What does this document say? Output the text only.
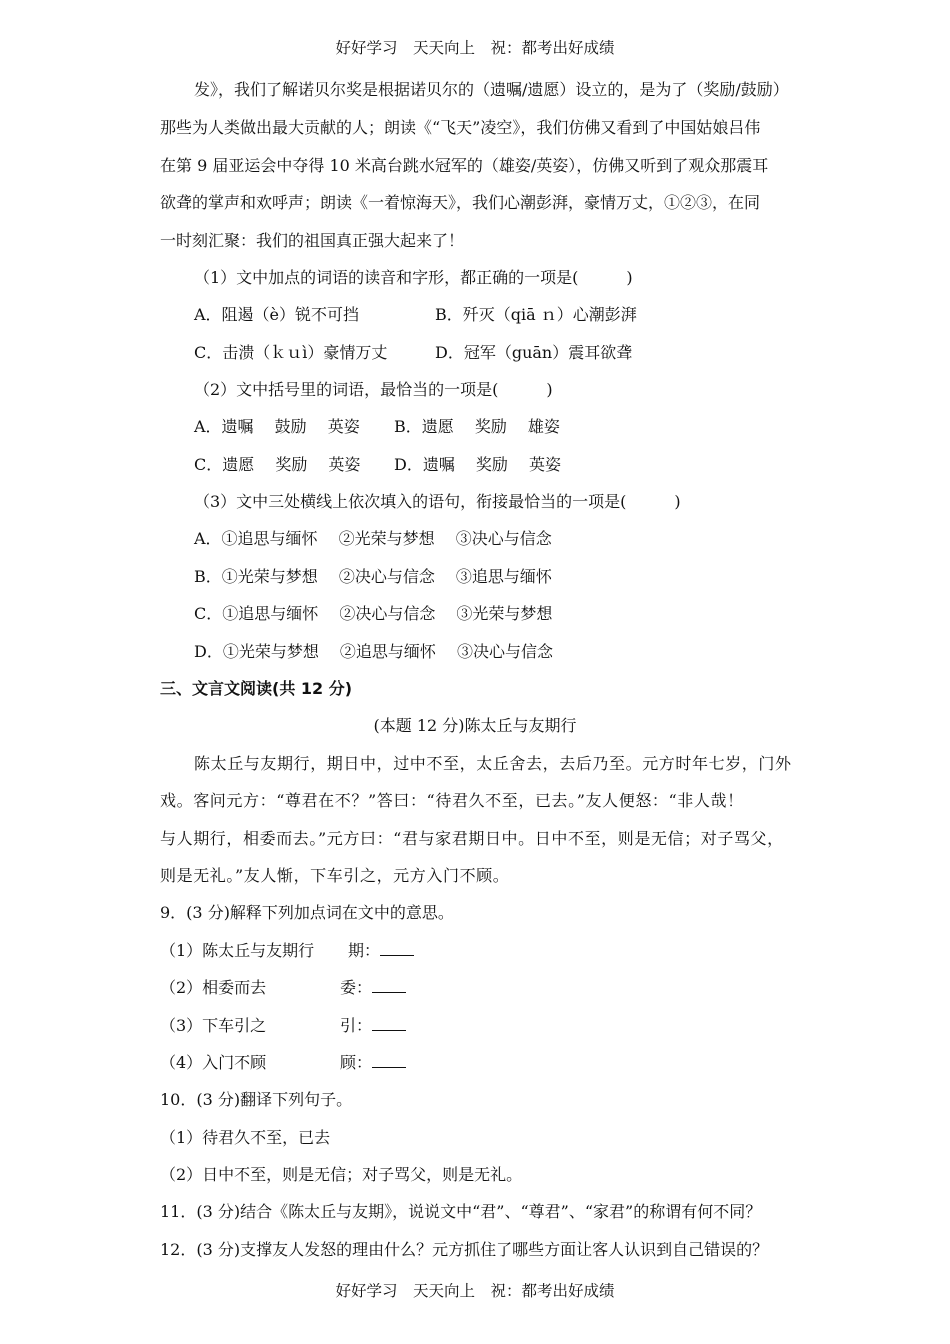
好好学习　天天向上　祝：都考出好成绩
发》，我们了解诺贝尔奖是根据诺贝尔的（遗嘱/遗愿）设立的，是为了（奖励/鼓励）
那些为人类做出最大贡献的人；朗读《“飞天”凌空》，我们仿佛又看到了中国姑娘吕伟
在第 9 届亚运会中夺得 10 米高台跳水冠军的（雄姿/英姿），仿佛又听到了观众那震耳
欲聋的掌声和欢呼声；朗读《一着惊海天》，我们心潮彭湃，豪情万丈，①②③，在同
一时刻汇聚：我们的祖国真正强大起来了！
（1）文中加点的词语的读音和字形，都正确的一项是(　　　)
A．阻遏（è）锐不可挡	B．歼灭（qiā ｎ）心潮彭湃
C．击溃（ｋｕì）豪情万丈	D．冠军（guān）震耳欲聋
（2）文中括号里的词语，最恰当的一项是(　　　)
A．遗嘱　 鼓励　 英姿 B．遗愿　 奖励　 雄姿
C．遗愿　 奖励　 英姿 D．遗嘱　 奖励　 英姿
（3）文中三处横线上依次填入的语句，衔接最恰当的一项是(　　　)
A．①追思与缅怀　 ②光荣与梦想　 ③决心与信念
B．①光荣与梦想　 ②决心与信念　 ③追思与缅怀
C．①追思与缅怀　 ②决心与信念　 ③光荣与梦想
D．①光荣与梦想　 ②追思与缅怀　 ③决心与信念
三、文言文阅读(共 12 分)
(本题 12 分)陈太丘与友期行
陈太丘与友期行，期日中，过中不至，太丘舍去，去后乃至。元方时年七岁，门外
戏。客问元方：“尊君在不？”答曰：“待君久不至，已去。”友人便怒：“非人哉！
与人期行，相委而去。”元方曰：“君与家君期日中。日中不至，则是无信；对子骂父，
则是无礼。”友人惭，下车引之，元方入门不顾。
9．(3 分)解释下列加点词在文中的意思。
（1）陈太丘与友期行 期：
（2）相委而去	委：
（3）下车引之	引：
（4）入门不顾	顾：
10．(3 分)翻译下列句子。
（1）待君久不至，已去
（2）日中不至，则是无信；对子骂父，则是无礼。
11．(3 分)结合《陈太丘与友期》，说说文中“君”、“尊君”、“家君”的称谓有何不同？
12．(3 分)支撑友人发怒的理由什么？元方抓住了哪些方面让客人认识到自己错误的？
好好学习　天天向上　祝：都考出好成绩
